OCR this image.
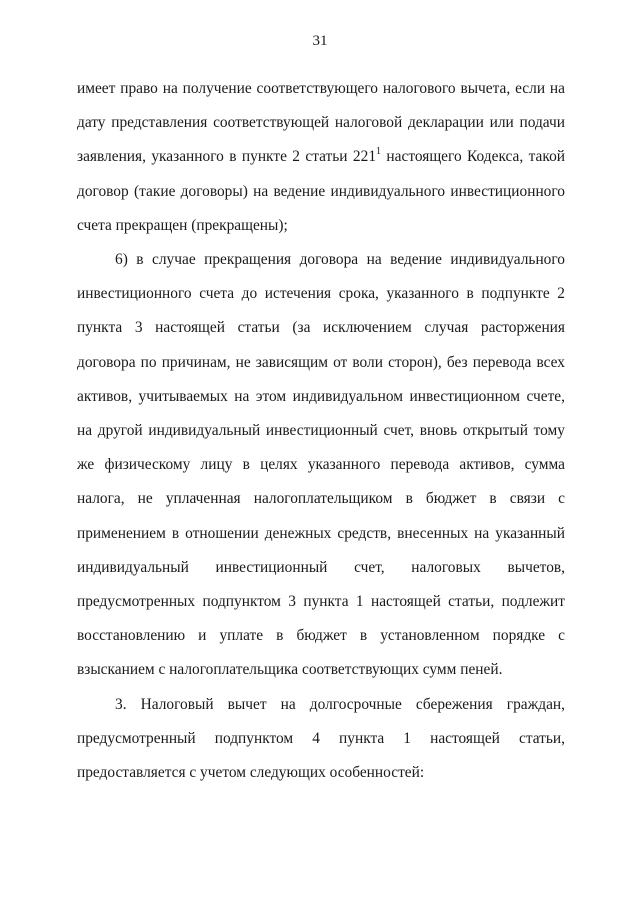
31

имеет право на получение соответствующего налогового вычета, если на дату представления соответствующей налоговой декларации или подачи заявления, указанного в пункте 2 статьи $221^1$ настоящего Кодекса, такой договор (такие договоры) на ведение индивидуального инвестиционного счета прекращен (прекращены);

6) в случае прекращения договора на ведение индивидуального инвестиционного счета до истечения срока, указанного в подпункте 2 пункта 3 настоящей статьи (за исключением случая расторжения договора по причинам, не зависящим от воли сторон), без перевода всех активов, учитываемых на этом индивидуальном инвестиционном счете, на другой индивидуальный инвестиционный счет, вновь открытый тому же физическому лицу в целях указанного перевода активов, сумма налога, не уплаченная налогоплательщиком в бюджет в связи с применением в отношении денежных средств, внесенных на указанный индивидуальный инвестиционный счет, налоговых вычетов, предусмотренных подпунктом 3 пункта 1 настоящей статьи, подлежит восстановлению и уплате в бюджет в установленном порядке с взысканием с налогоплательщика соответствующих сумм пеней.

3. Налоговый вычет на долгосрочные сбережения граждан, предусмотренный подпунктом 4 пункта 1 настоящей статьи, предоставляется с учетом следующих особенностей:
